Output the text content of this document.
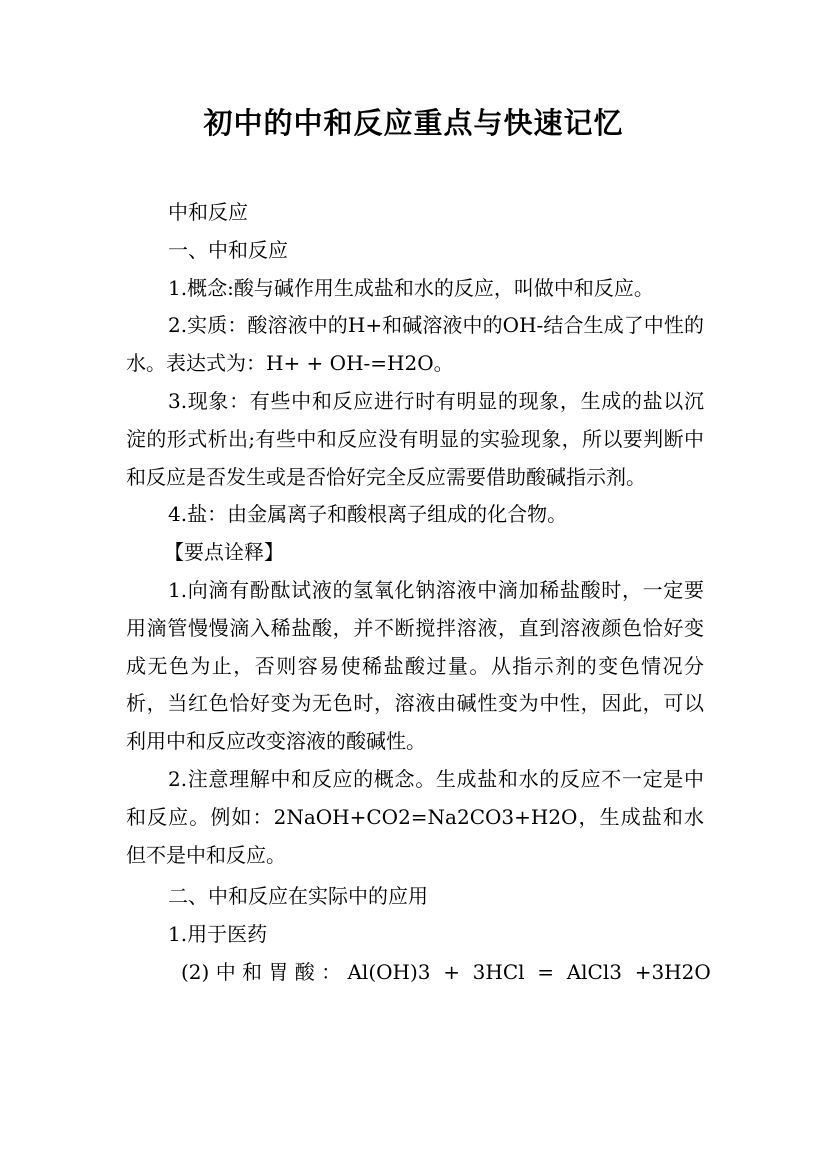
初中的中和反应重点与快速记忆

中和反应

一、中和反应

1.概念:酸与碱作用生成盐和水的反应，叫做中和反应。

2.实质：酸溶液中的H+和碱溶液中的OH-结合生成了中性的水。表达式为：H+ + OH-=H2O。

3.现象：有些中和反应进行时有明显的现象，生成的盐以沉淀的形式析出;有些中和反应没有明显的实验现象，所以要判断中和反应是否发生或是否恰好完全反应需要借助酸碱指示剂。

4.盐：由金属离子和酸根离子组成的化合物。

【要点诠释】

1.向滴有酚酞试液的氢氧化钠溶液中滴加稀盐酸时，一定要用滴管慢慢滴入稀盐酸，并不断搅拌溶液，直到溶液颜色恰好变成无色为止，否则容易使稀盐酸过量。从指示剂的变色情况分析，当红色恰好变为无色时，溶液由碱性变为中性，因此，可以利用中和反应改变溶液的酸碱性。

2.注意理解中和反应的概念。生成盐和水的反应不一定是中和反应。例如：2NaOH+CO2=Na2CO3+H2O，生成盐和水但不是中和反应。

二、中和反应在实际中的应用

1.用于医药

(2) 中 和 胃 酸 ： Al(OH)3  +  3HCl  =  AlCl3  +3H2O
